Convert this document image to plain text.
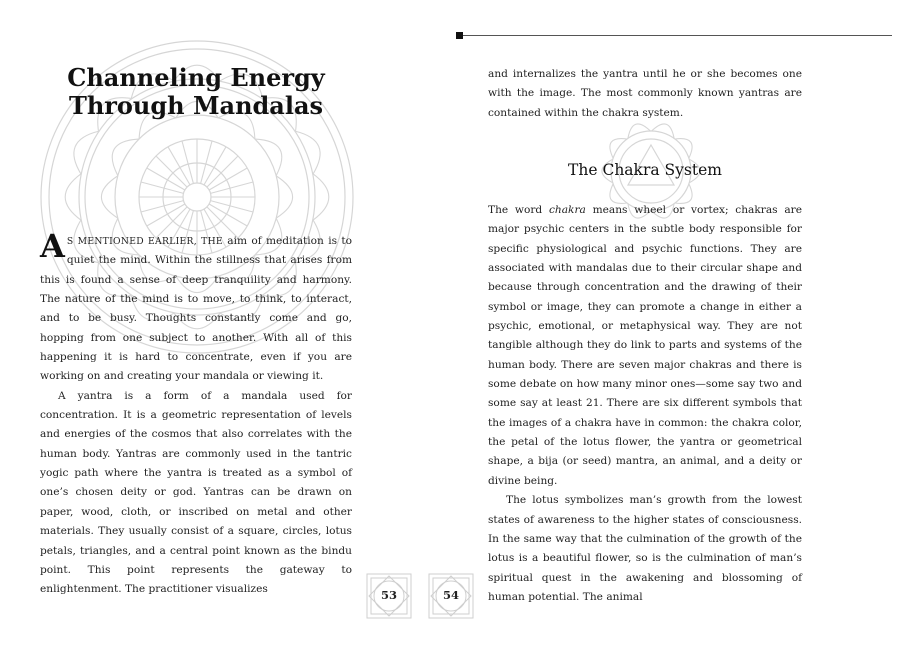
Channeling Energy
Through Mandalas

A S MENTIONED EARLIER, THE aim of meditation is to quiet the mind. Within the stillness that arises from this is found a sense of deep tranquility and harmony. The nature of the mind is to move, to think, to interact, and to be busy. Thoughts constantly come and go, hopping from one subject to another. With all of this happening it is hard to concentrate, even if you are working on and creating your mandala or viewing it.

A yantra is a form of a mandala used for concentration. It is a geometric representation of levels and energies of the cosmos that also correlates with the human body. Yantras are commonly used in the tantric yogic path where the yantra is treated as a symbol of one’s chosen deity or god. Yantras can be drawn on paper, wood, cloth, or inscribed on metal and other materials. They usually consist of a square, circles, lotus petals, triangles, and a central point known as the bindu point. This point represents the gateway to enlightenment. The practitioner visualizes	53

and internalizes the yantra until he or she becomes one with the image. The most commonly known yantras are contained within the chakra system.

The Chakra System

The word chakra means wheel or vortex; chakras are major psychic centers in the subtle body responsible for specific physiological and psychic functions. They are associated with mandalas due to their circular shape and because through concentration and the drawing of their symbol or image, they can promote a change in either a psychic, emotional, or metaphysical way. They are not tangible although they do link to parts and systems of the human body. There are seven major chakras and there is some debate on how many minor ones—some say two and some say at least 21. There are six different symbols that the images of a chakra have in common: the chakra color, the petal of the lotus flower, the yantra or geometrical shape, a bija (or seed) mantra, an animal, and a deity or divine being.

The lotus symbolizes man’s growth from the lowest states of awareness to the higher states of consciousness. In the same way that the culmination of the growth of the lotus is a beautiful flower, so is the culmination of man’s spiritual quest in the awakening and blossoming of human potential. The animal

54
